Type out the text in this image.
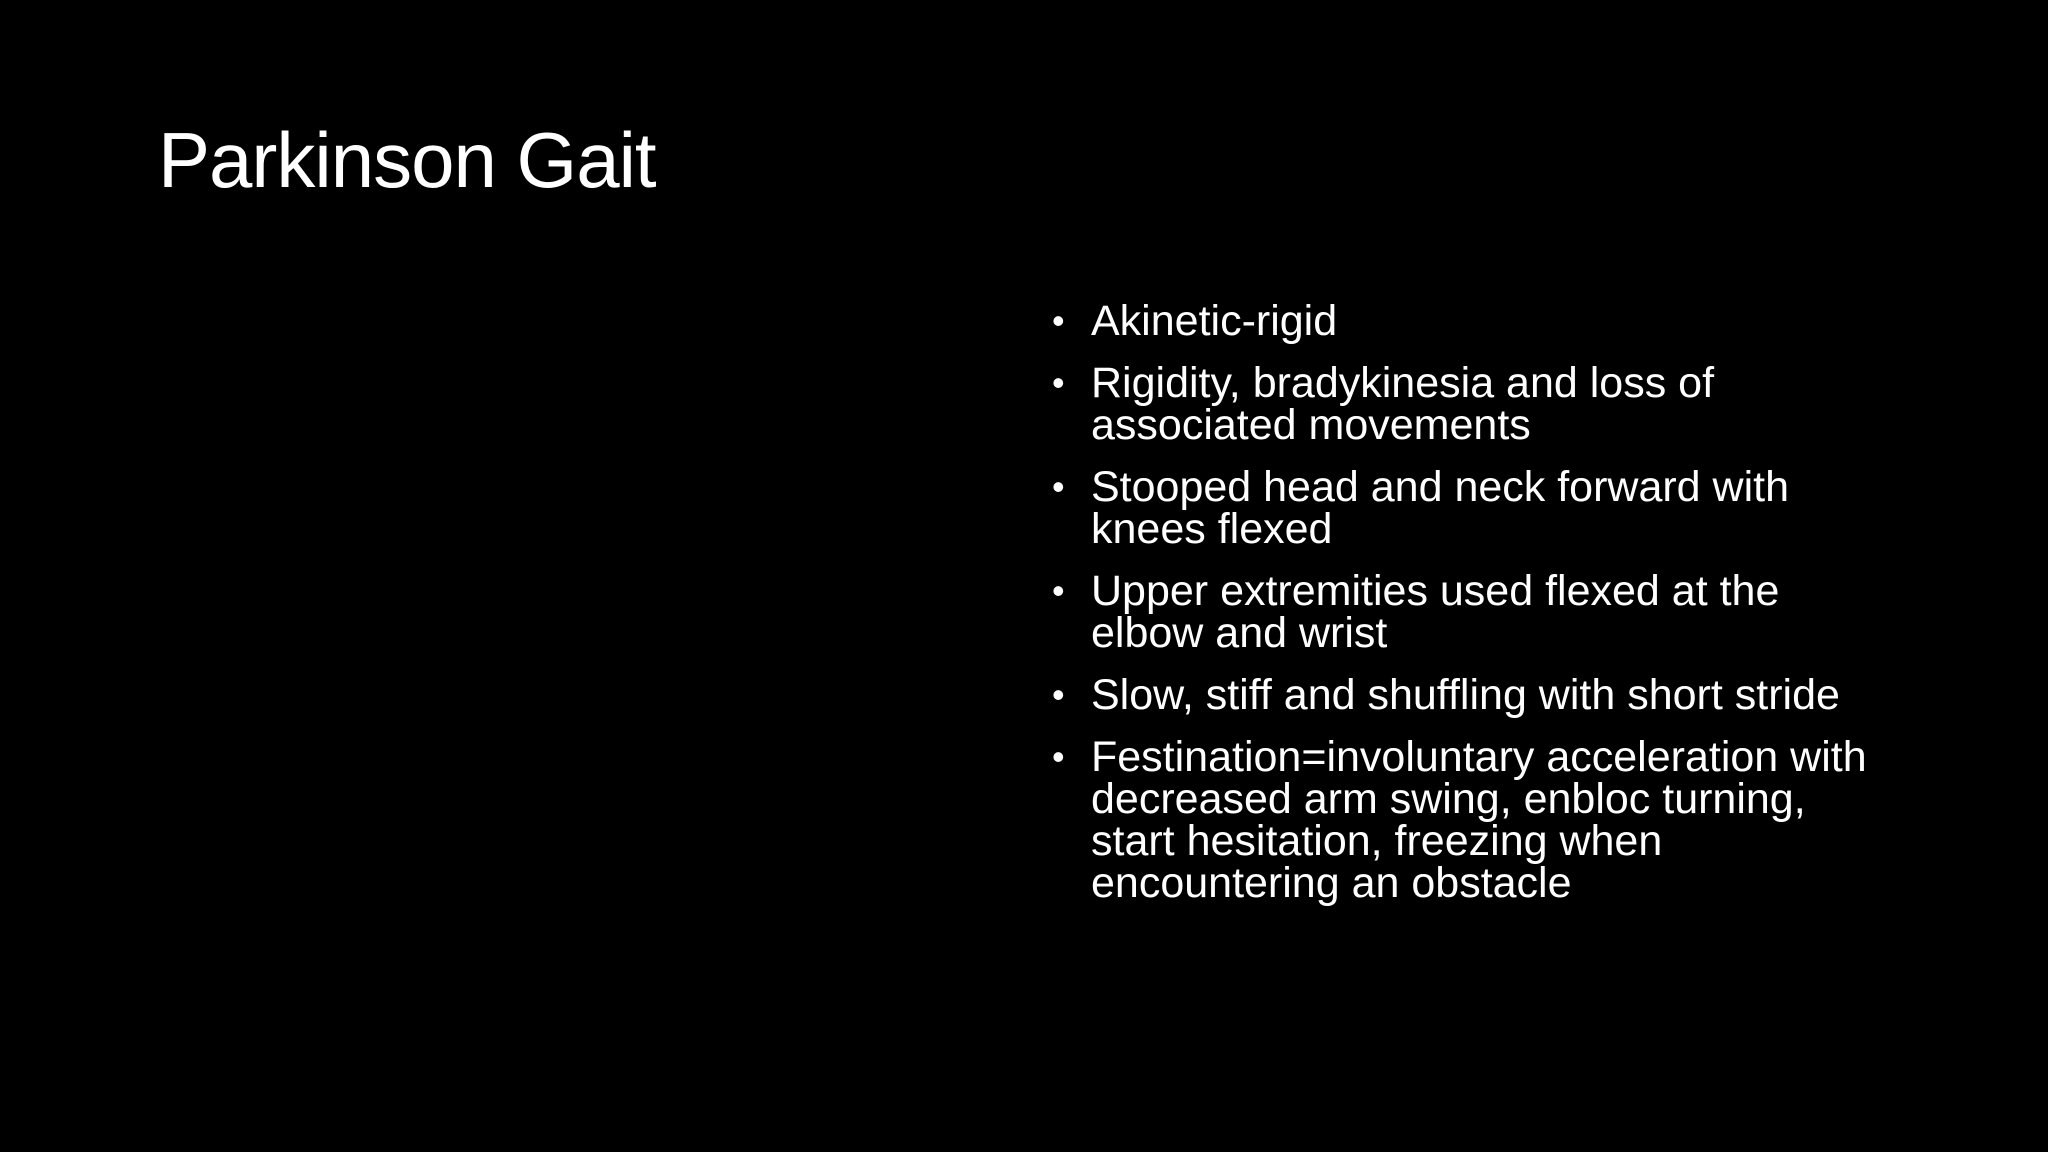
Parkinson Gait
• Akinetic-rigid
• Rigidity, bradykinesia and loss of associated movements
• Stooped head and neck forward with knees flexed
• Upper extremities used flexed at the elbow and wrist
• Slow, stiff and shuffling with short stride
• Festination=involuntary acceleration with decreased arm swing, enbloc turning, start hesitation, freezing when encountering an obstacle
